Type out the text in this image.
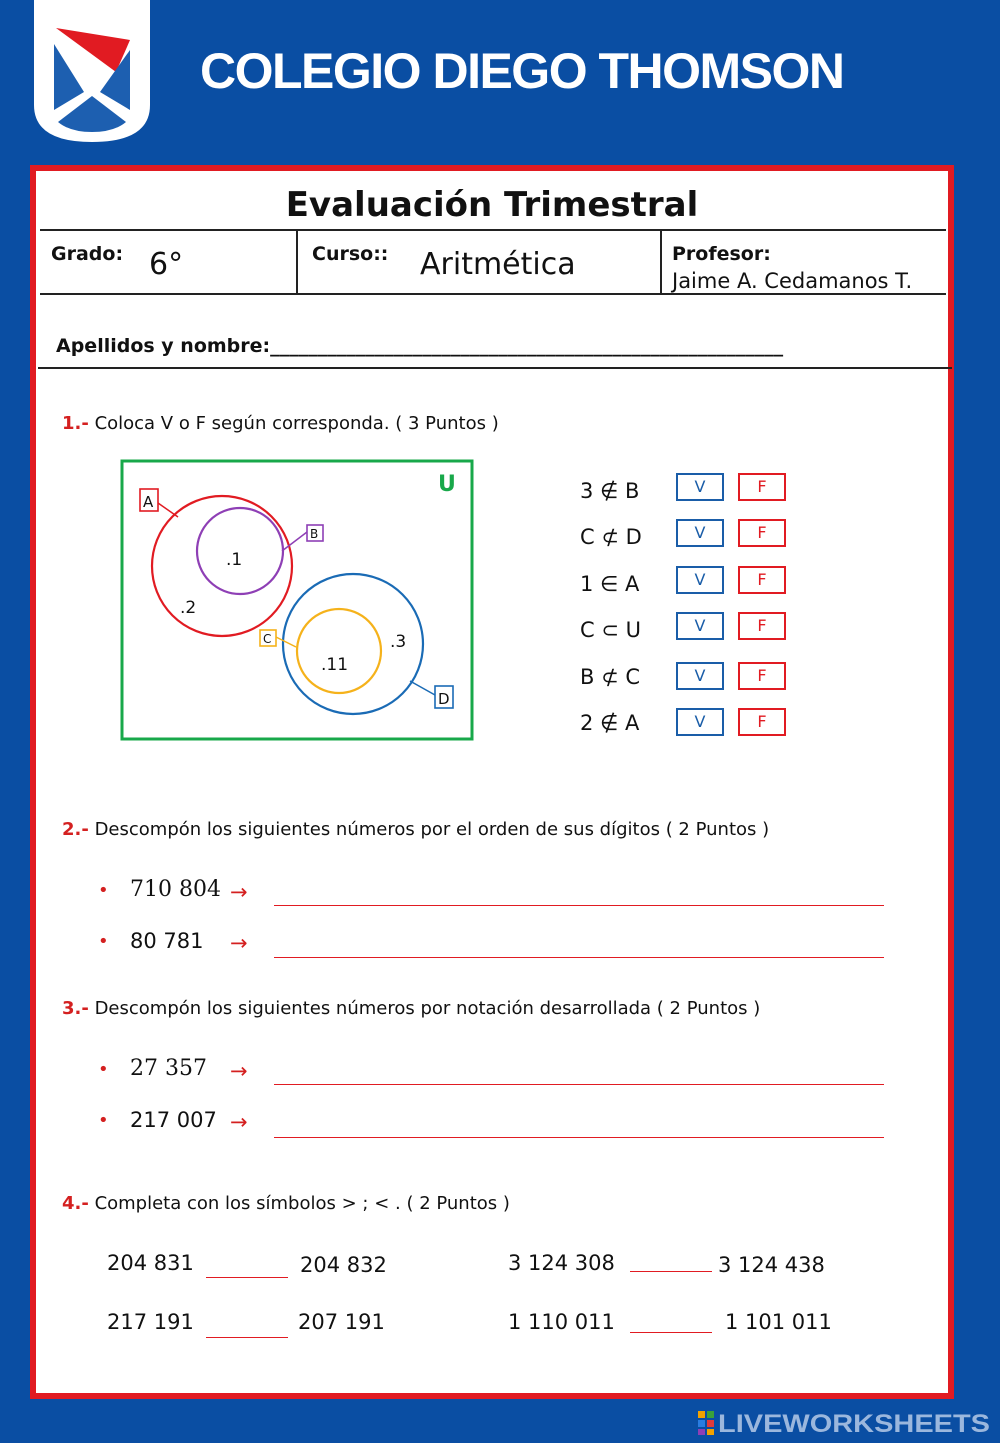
COLEGIO DIEGO THOMSON
Evaluación Trimestral
Grado: 6°	Curso:: Aritmética	Profesor:
Jaime A. Cedamanos T.
Apellidos y nombre:______________________________________________________
1.- Coloca V o F según corresponda. ( 3 Puntos )
U
A
B
C
D
.1
.2
.3
.11
3 ∉ B	V	F
C ⊄ D	V	F
1 ∈ A	V	F
C ⊂ U	V	F
B ⊄ C	V	F
2 ∉ A	V	F
2.- Descompón los siguientes números por el orden de sus dígitos ( 2 Puntos )
• 710 804 →
• 80 781 →
3.- Descompón los siguientes números por notación desarrollada ( 2 Puntos )
• 27 357 →
• 217 007 →
4.- Completa con los símbolos > ; < . ( 2 Puntos )
204 831	204 832	3 124 308	3 124 438
217 191	207 191	1 110 011	1 101 011
LIVEWORKSHEETS
